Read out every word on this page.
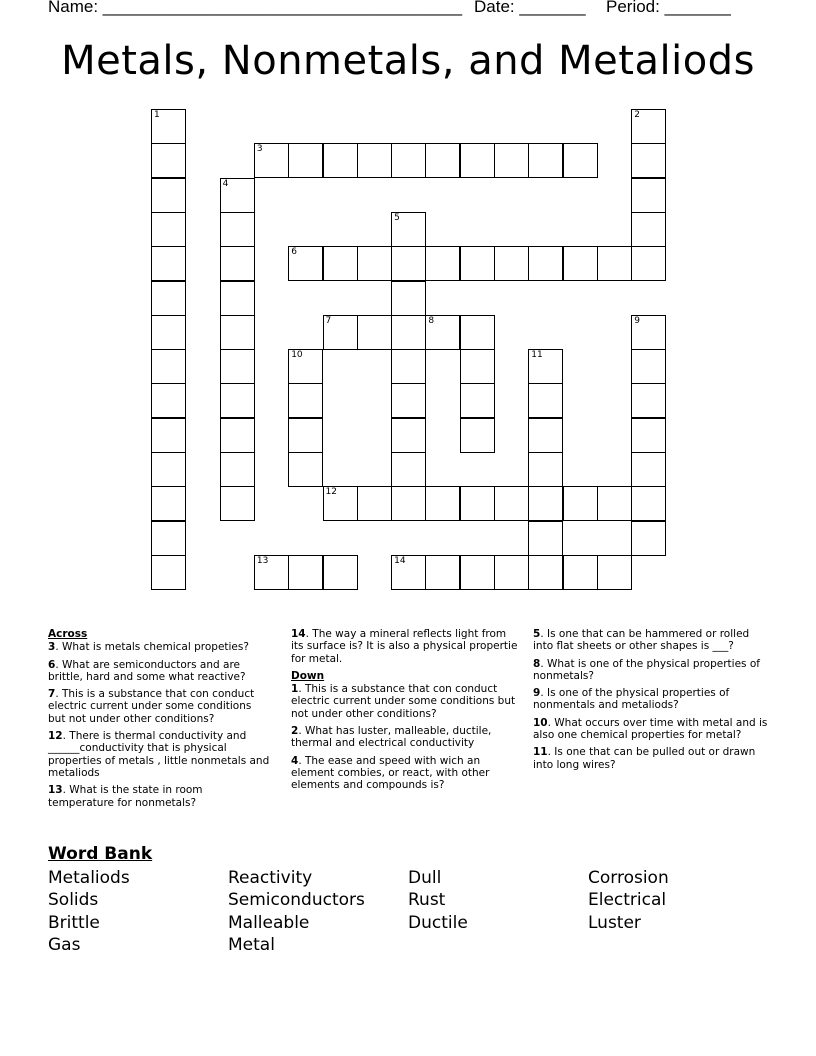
Name: ______________________________________ Date: _______ Period: _______
Metals, Nonmetals, and Metaliods
1	2
3
4
5
6
7	8	9
10	11
12
13	14
Across

3. What is metals chemical propeties?

6. What are semiconductors and are brittle, hard and some what reactive?

7. This is a substance that con conduct electric current under some conditions but not under other conditions?

12. There is thermal conductivity and ______conductivity that is physical properties of metals , little nonmetals and metaliods

13. What is the state in room temperature for nonmetals?

14. The way a mineral reflects light from its surface is? It is also a physical propertie for metal.

Down

1. This is a substance that con conduct electric current under some conditions but not under other conditions?

2. What has luster, malleable, ductile, thermal and electrical conductivity

4. The ease and speed with wich an element combies, or react, with other elements and compounds is?

5. Is one that can be hammered or rolled into flat sheets or other shapes is ___?

8. What is one of the physical properties of nonmetals?

9. Is one of the physical properties of nonmentals and metaliods?

10. What occurs over time with metal and is also one chemical properties for metal?

11. Is one that can be pulled out or drawn into long wires?

Word Bank
Metaliods
Solids
Brittle
Gas
Reactivity
Semiconductors
Malleable
Metal
Dull
Rust
Ductile
Corrosion
Electrical
Luster
